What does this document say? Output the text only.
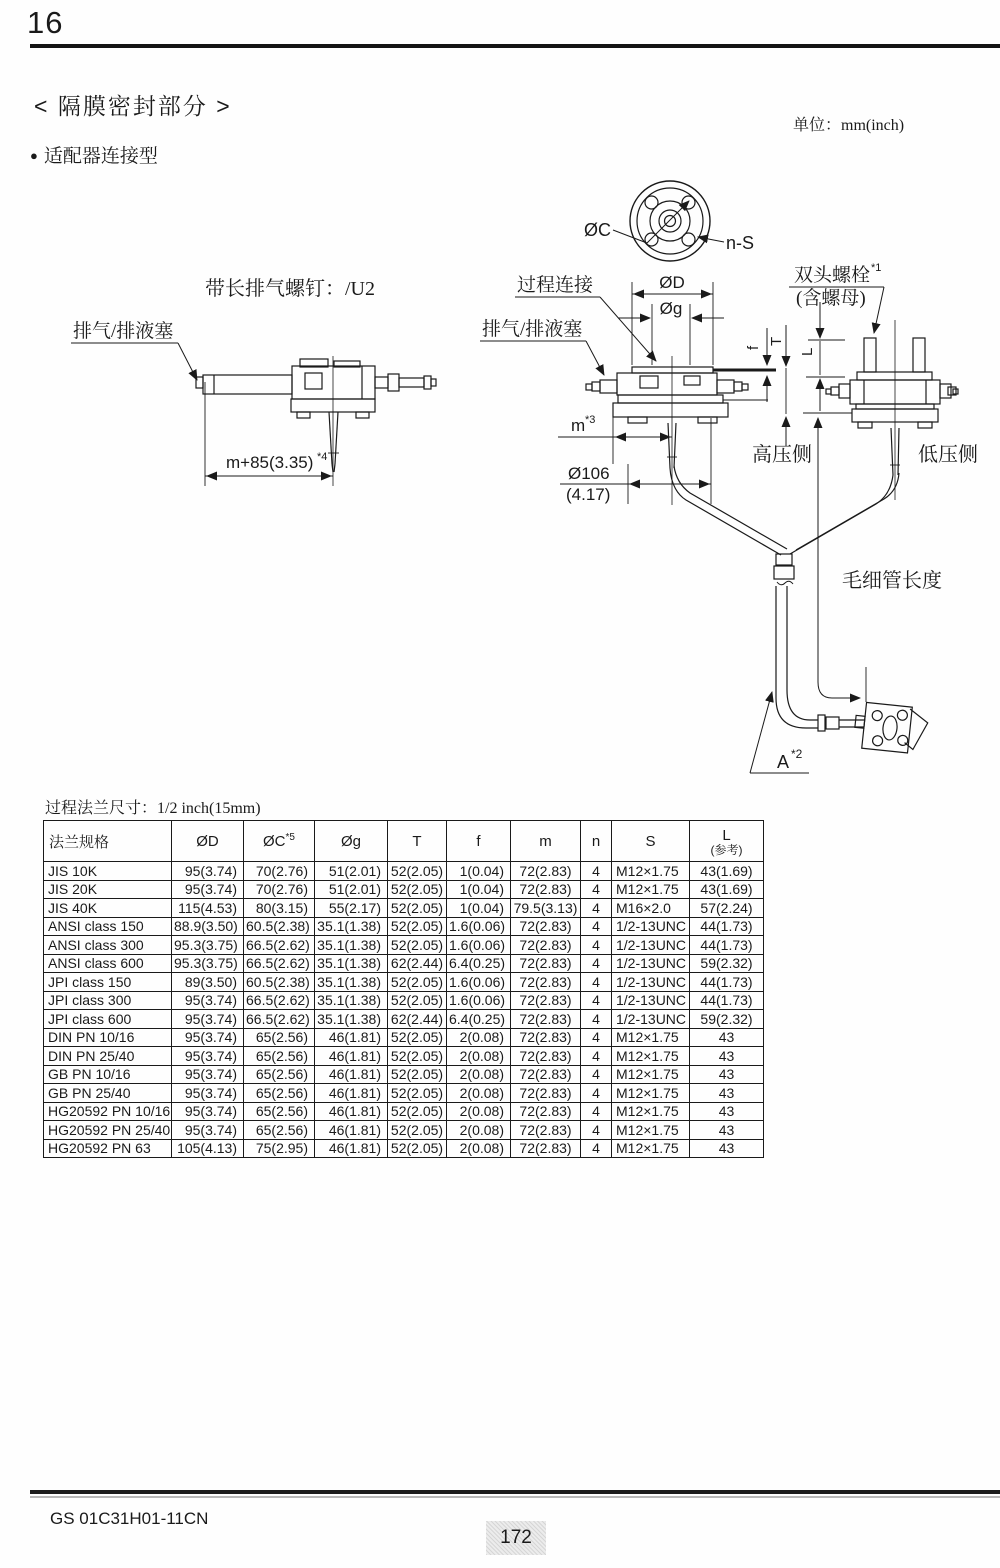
16
< 隔膜密封部分 >
单位：mm(inch)
● 适配器连接型
带长排气螺钉：/U2
排气/排液塞
m+85(3.35) *4
ØC
n-S
过程连接
排气/排液塞
ØD
Øg
f
T
m *3
Ø106
(4.17)
高压侧
双头螺栓 *1
(含螺母)
L
低压侧
毛细管长度
A *2
过程法兰尺寸：1/2 inch(15mm)
法兰规格	ØD	ØC$^{*5}$	Øg	T	f	m	n	S	L
(参考)

JIS 10K	95(3.74)	70(2.76)	51(2.01)	52(2.05)	1(0.04)	72(2.83)	4	M12×1.75	43(1.69)
JIS 20K	95(3.74)	70(2.76)	51(2.01)	52(2.05)	1(0.04)	72(2.83)	4	M12×1.75	43(1.69)
JIS 40K	115(4.53)	80(3.15)	55(2.17)	52(2.05)	1(0.04)	79.5(3.13)	4	M16×2.0	57(2.24)
ANSI class 150	88.9(3.50)	60.5(2.38)	35.1(1.38)	52(2.05)	1.6(0.06)	72(2.83)	4	1/2-13UNC	44(1.73)
ANSI class 300	95.3(3.75)	66.5(2.62)	35.1(1.38)	52(2.05)	1.6(0.06)	72(2.83)	4	1/2-13UNC	44(1.73)
ANSI class 600	95.3(3.75)	66.5(2.62)	35.1(1.38)	62(2.44)	6.4(0.25)	72(2.83)	4	1/2-13UNC	59(2.32)
JPI class 150	89(3.50)	60.5(2.38)	35.1(1.38)	52(2.05)	1.6(0.06)	72(2.83)	4	1/2-13UNC	44(1.73)
JPI class 300	95(3.74)	66.5(2.62)	35.1(1.38)	52(2.05)	1.6(0.06)	72(2.83)	4	1/2-13UNC	44(1.73)
JPI class 600	95(3.74)	66.5(2.62)	35.1(1.38)	62(2.44)	6.4(0.25)	72(2.83)	4	1/2-13UNC	59(2.32)
DIN PN 10/16	95(3.74)	65(2.56)	46(1.81)	52(2.05)	2(0.08)	72(2.83)	4	M12×1.75	43
DIN PN 25/40	95(3.74)	65(2.56)	46(1.81)	52(2.05)	2(0.08)	72(2.83)	4	M12×1.75	43
GB PN 10/16	95(3.74)	65(2.56)	46(1.81)	52(2.05)	2(0.08)	72(2.83)	4	M12×1.75	43
GB PN 25/40	95(3.74)	65(2.56)	46(1.81)	52(2.05)	2(0.08)	72(2.83)	4	M12×1.75	43
HG20592 PN 10/16	95(3.74)	65(2.56)	46(1.81)	52(2.05)	2(0.08)	72(2.83)	4	M12×1.75	43
HG20592 PN 25/40	95(3.74)	65(2.56)	46(1.81)	52(2.05)	2(0.08)	72(2.83)	4	M12×1.75	43
HG20592 PN 63	105(4.13)	75(2.95)	46(1.81)	52(2.05)	2(0.08)	72(2.83)	4	M12×1.75	43
GS 01C31H01-11CN
172
